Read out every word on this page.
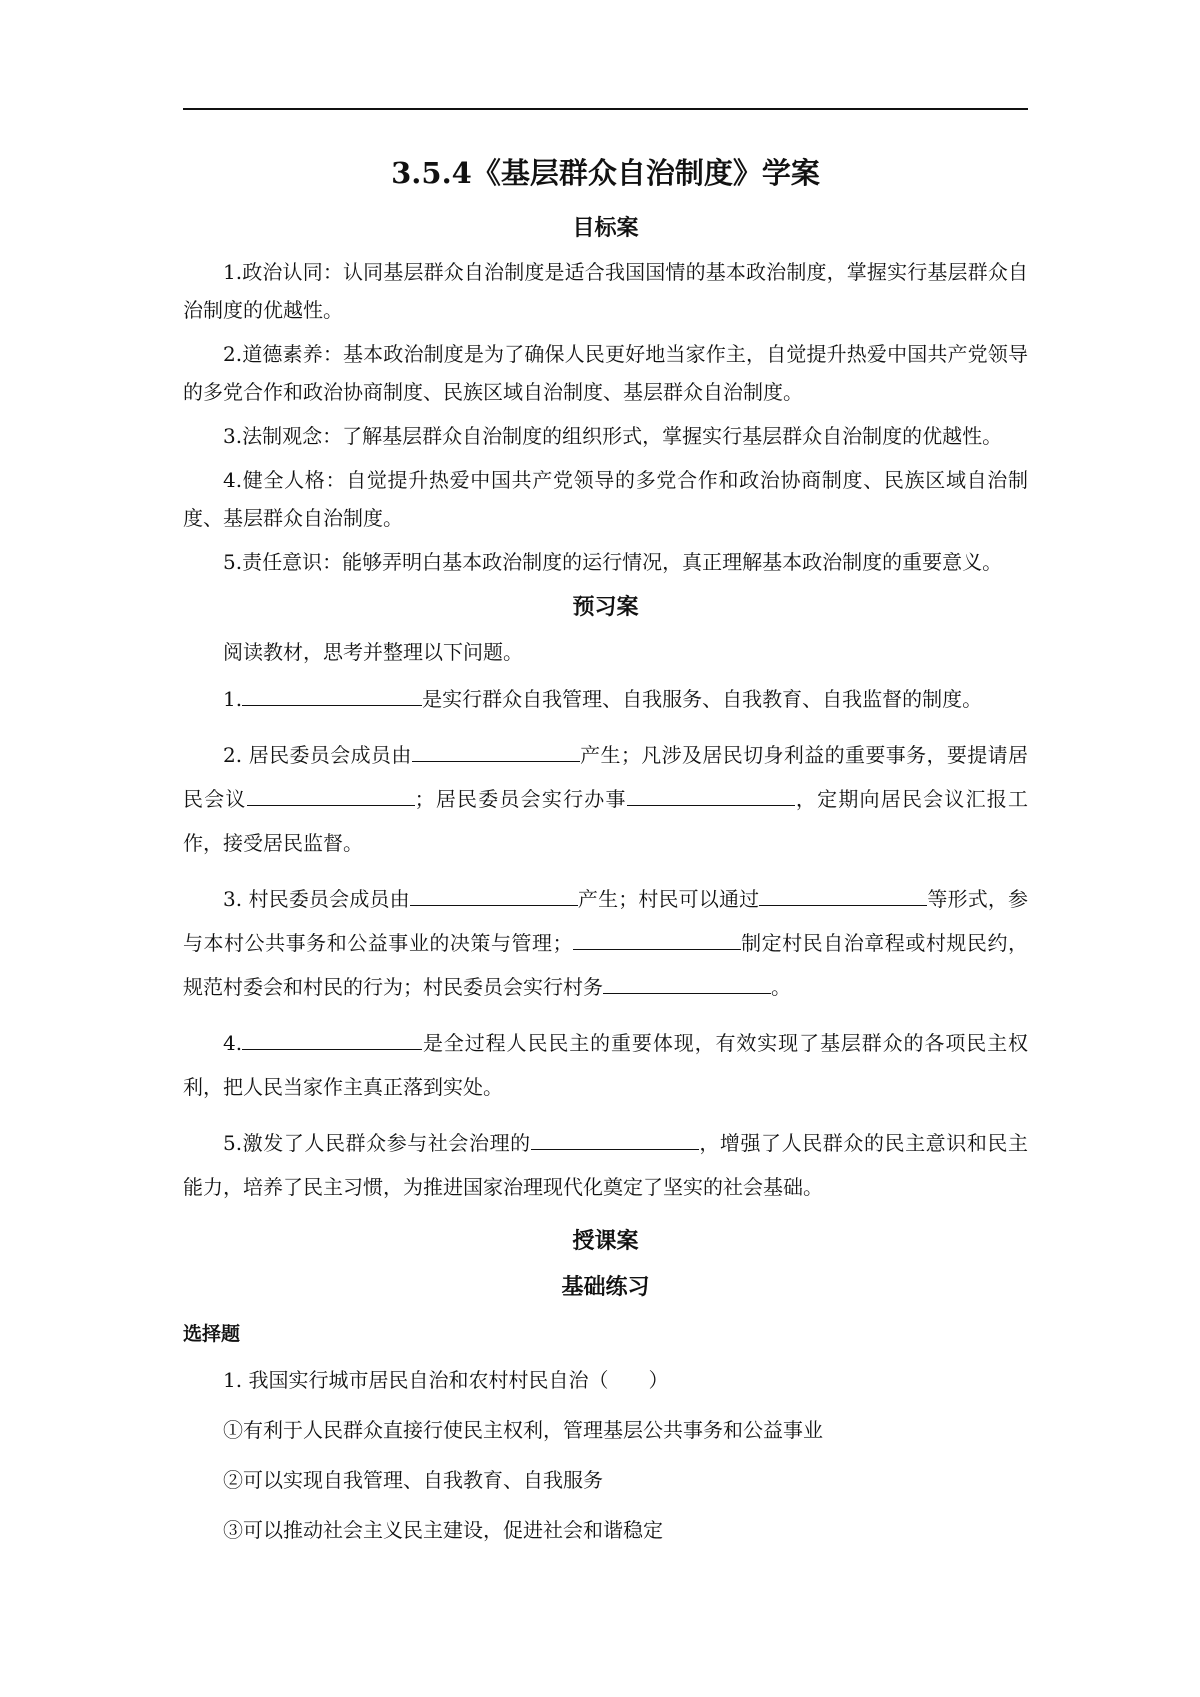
3.5.4《基层群众自治制度》学案
目标案

1.政治认同：认同基层群众自治制度是适合我国国情的基本政治制度，掌握实行基层群众自治制度的优越性。

2.道德素养：基本政治制度是为了确保人民更好地当家作主，自觉提升热爱中国共产党领导的多党合作和政治协商制度、民族区域自治制度、基层群众自治制度。

3.法制观念：了解基层群众自治制度的组织形式，掌握实行基层群众自治制度的优越性。

4.健全人格：自觉提升热爱中国共产党领导的多党合作和政治协商制度、民族区域自治制度、基层群众自治制度。

5.责任意识：能够弄明白基本政治制度的运行情况，真正理解基本政治制度的重要意义。

预习案

阅读教材，思考并整理以下问题。

1.	是实行群众自我管理、自我服务、自我教育、自我监督的制度。

2. 居民委员会成员由	产生；凡涉及居民切身利益的重要事务，要提请居民会议	；居民委员会实行办事	，定期向居民会议汇报工作，接受居民监督。

3. 村民委员会成员由	产生；村民可以通过	等形式，参与本村公共事务和公益事业的决策与管理；	制定村民自治章程或村规民约，规范村委会和村民的行为；村民委员会实行村务	。

4.	是全过程人民民主的重要体现，有效实现了基层群众的各项民主权利，把人民当家作主真正落到实处。

5.激发了人民群众参与社会治理的	，增强了人民群众的民主意识和民主能力，培养了民主习惯，为推进国家治理现代化奠定了坚实的社会基础。

授课案
基础练习
选择题

1. 我国实行城市居民自治和农村村民自治（　　）

①有利于人民群众直接行使民主权利，管理基层公共事务和公益事业

②可以实现自我管理、自我教育、自我服务

③可以推动社会主义民主建设，促进社会和谐稳定
